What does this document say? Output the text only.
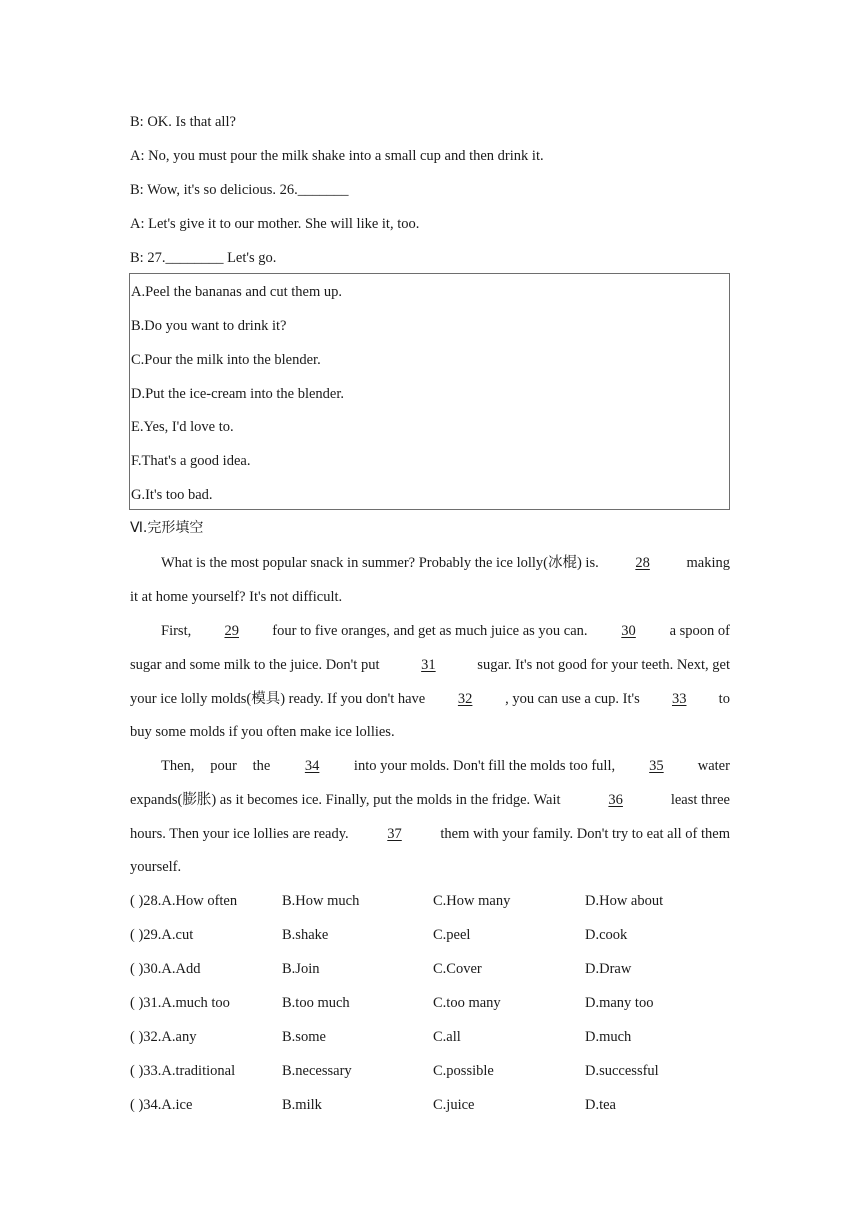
B: OK. Is that all?
A: No, you must pour the milk shake into a small cup and then drink it.
B: Wow, it's so delicious. 26._______
A: Let's give it to our mother. She will like it, too.
B: 27.________ Let's go.
A.Peel the bananas and cut them up.
B.Do you want to drink it?
C.Pour the milk into the blender.
D.Put the ice-cream into the blender.
E.Yes, I'd love to.
F.That's a good idea.
G.It's too bad.
Ⅵ.完形填空
What is the most popular snack in summer? Probably the ice lolly(冰棍) is.	28	making
it at home yourself? It's not difficult.
First,	29	four to five oranges, and get as much juice as you can.	30	a spoon of
sugar and some milk to the juice. Don't put	31	sugar. It's not good for your teeth. Next, get
your ice lolly molds(模具) ready. If you don't have	32	, you can use a cup. It's	33	to
buy some molds if you often make ice lollies.
Then, pour the	34	into your molds. Don't fill the molds too full,	35	water
expands(膨胀) as it becomes ice. Finally, put the molds in the fridge. Wait	36	least three
hours. Then your ice lollies are ready.	37	them with your family. Don't try to eat all of them
yourself.
( )28.A.How often	B.How much	C.How many	D.How about
( )29.A.cut	B.shake	C.peel	D.cook
( )30.A.Add	B.Join	C.Cover	D.Draw
( )31.A.much too	B.too much	C.too many	D.many too
( )32.A.any	B.some	C.all	D.much
( )33.A.traditional	B.necessary	C.possible	D.successful
( )34.A.ice	B.milk	C.juice	D.tea
